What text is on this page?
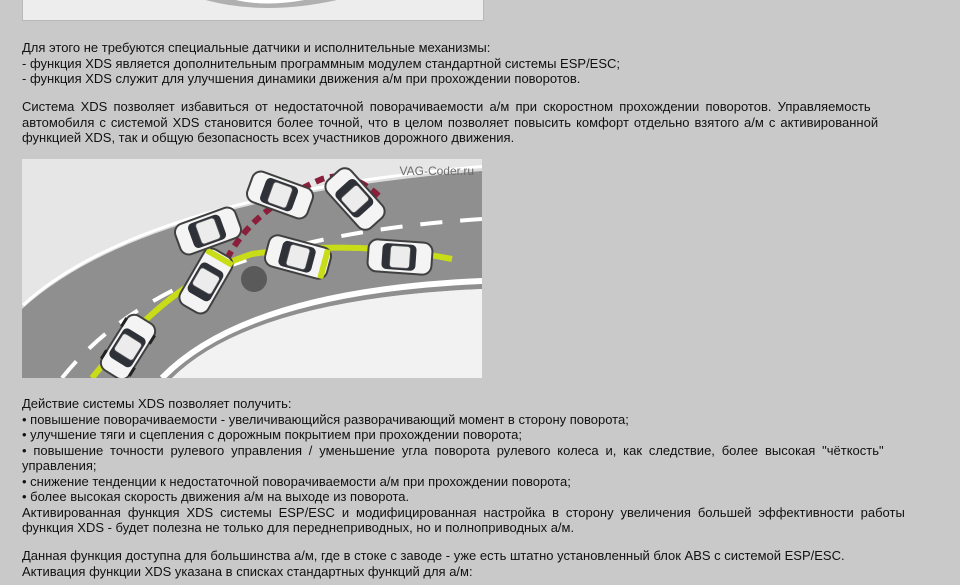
Для этого не требуются специальные датчики и исполнительные механизмы:
- функция XDS является дополнительным программным модулем стандартной системы ESP/ESC;
- функция XDS служит для улучшения динамики движения а/м при прохождении поворотов.
Система XDS позволяет избавиться от недостаточной поворачиваемости а/м при скоростном прохождении поворотов. Управляемость
автомобиля с системой XDS становится более точной, что в целом позволяет повысить комфорт отдельно взятого а/м с активированной
функцией XDS, так и общую безопасность всех участников дорожного движения.
VAG-Coder.ru
Действие системы XDS позволяет получить:
• повышение поворачиваемости - увеличивающийся разворачивающий момент в сторону поворота;
• улучшение тяги и сцепления с дорожным покрытием при прохождении поворота;
• повышение точности рулевого управления / уменьшение угла поворота рулевого колеса и, как следствие, более высокая "чёткость"
управления;
• снижение тенденции к недостаточной поворачиваемости а/м при прохождении поворота;
• более высокая скорость движения а/м на выходе из поворота.
Активированная функция XDS системы ESP/ESC и модифицированная настройка в сторону увеличения большей эффективности работы
функция XDS - будет полезна не только для переднеприводных, но и полноприводных а/м.
Данная функция доступна для большинства а/м, где в стоке с заводе - уже есть штатно установленный блок ABS с системой ESP/ESC.
Активация функции XDS указана в списках стандартных функций для а/м:
